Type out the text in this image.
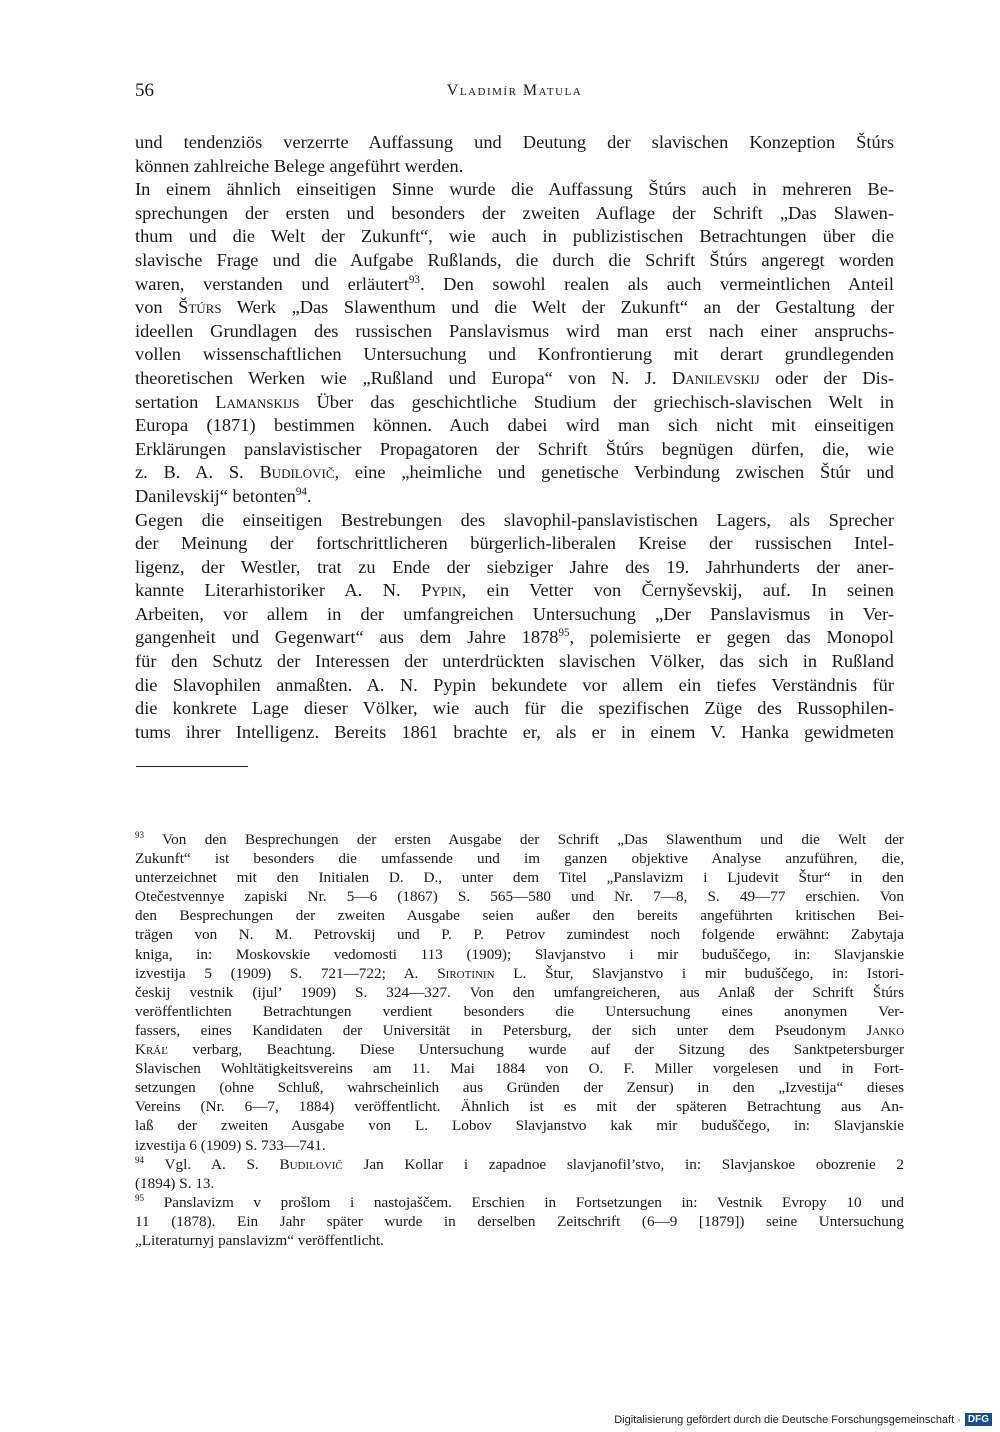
56	Vladimír Matula
und tendenziös verzerrte Auffassung und Deutung der slavischen Konzeption Štúrs
können zahlreiche Belege angeführt werden.
In einem ähnlich einseitigen Sinne wurde die Auffassung Štúrs auch in mehreren Be-
sprechungen der ersten und besonders der zweiten Auflage der Schrift „Das Slawen-
thum und die Welt der Zukunft“, wie auch in publizistischen Betrachtungen über die
slavische Frage und die Aufgabe Rußlands, die durch die Schrift Štúrs angeregt worden
waren, verstanden und erläutert$^{93}$. Den sowohl realen als auch vermeintlichen Anteil
von Štúrs Werk „Das Slawenthum und die Welt der Zukunft“ an der Gestaltung der
ideellen Grundlagen des russischen Panslavismus wird man erst nach einer anspruchs-
vollen wissenschaftlichen Untersuchung und Konfrontierung mit derart grundlegenden
theoretischen Werken wie „Rußland und Europa“ von N. J. Danilevskij oder der Dis-
sertation Lamanskijs Über das geschichtliche Studium der griechisch-slavischen Welt in
Europa (1871) bestimmen können. Auch dabei wird man sich nicht mit einseitigen
Erklärungen panslavistischer Propagatoren der Schrift Štúrs begnügen dürfen, die, wie
z. B. A. S. Budilovič, eine „heimliche und genetische Verbindung zwischen Štúr und
Danilevskij“ betonten$^{94}$.
Gegen die einseitigen Bestrebungen des slavophil-panslavistischen Lagers, als Sprecher
der Meinung der fortschrittlicheren bürgerlich-liberalen Kreise der russischen Intel-
ligenz, der Westler, trat zu Ende der siebziger Jahre des 19. Jahrhunderts der aner-
kannte Literarhistoriker A. N. Pypin, ein Vetter von Černyševskij, auf. In seinen
Arbeiten, vor allem in der umfangreichen Untersuchung „Der Panslavismus in Ver-
gangenheit und Gegenwart“ aus dem Jahre 1878$^{95}$, polemisierte er gegen das Monopol
für den Schutz der Interessen der unterdrückten slavischen Völker, das sich in Rußland
die Slavophilen anmaßten. A. N. Pypin bekundete vor allem ein tiefes Verständnis für
die konkrete Lage dieser Völker, wie auch für die spezifischen Züge des Russophilen-
tums ihrer Intelligenz. Bereits 1861 brachte er, als er in einem V. Hanka gewidmeten
$^{93}$ Von den Besprechungen der ersten Ausgabe der Schrift „Das Slawenthum und die Welt der
Zukunft“ ist besonders die umfassende und im ganzen objektive Analyse anzuführen, die,
unterzeichnet mit den Initialen D. D., unter dem Titel „Panslavizm i Ljudevit Štur“ in den
Otečestvennye zapiski Nr. 5—6 (1867) S. 565—580 und Nr. 7—8, S. 49—77 erschien. Von
den Besprechungen der zweiten Ausgabe seien außer den bereits angeführten kritischen Bei-
trägen von N. M. Petrovskij und P. P. Petrov zumindest noch folgende erwähnt: Zabytaja
kniga, in: Moskovskie vedomosti 113 (1909); Slavjanstvo i mir buduščego, in: Slavjanskie
izvestija 5 (1909) S. 721—722; A. Sirotinin L. Štur, Slavjanstvo i mir buduščego, in: Istori-
českij vestnik (ijul’ 1909) S. 324—327. Von den umfangreicheren, aus Anlaß der Schrift Štúrs
veröffentlichten Betrachtungen verdient besonders die Untersuchung eines anonymen Ver-
fassers, eines Kandidaten der Universität in Petersburg, der sich unter dem Pseudonym Janko
Kráľ verbarg, Beachtung. Diese Untersuchung wurde auf der Sitzung des Sanktpetersburger
Slavischen Wohltätigkeitsvereins am 11. Mai 1884 von O. F. Miller vorgelesen und in Fort-
setzungen (ohne Schluß, wahrscheinlich aus Gründen der Zensur) in den „Izvestija“ dieses
Vereins (Nr. 6—7, 1884) veröffentlicht. Ähnlich ist es mit der späteren Betrachtung aus An-
laß der zweiten Ausgabe von L. Lobov Slavjanstvo kak mir buduščego, in: Slavjanskie
izvestija 6 (1909) S. 733—741.
$^{94}$ Vgl. A. S. Budilovič Jan Kollar i zapadnoe slavjanofil’stvo, in: Slavjanskoe obozrenie 2
(1894) S. 13.
$^{95}$ Panslavizm v prošlom i nastojaščem. Erschien in Fortsetzungen in: Vestnik Evropy 10 und
11 (1878). Ein Jahr später wurde in derselben Zeitschrift (6—9 [1879]) seine Untersuchung
„Literaturnyj panslavizm“ veröffentlicht.
Digitalisierung gefördert durch die Deutsche Forschungsgemeinschaft · DFG
